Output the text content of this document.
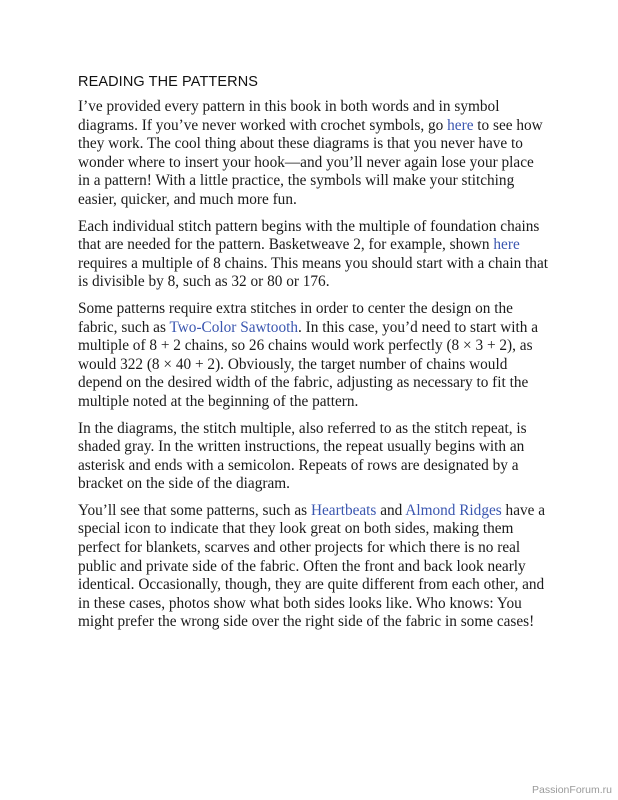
READING THE PATTERNS

I’ve provided every pattern in this book in both words and in symbol diagrams. If you’ve never worked with crochet symbols, go here to see how they work. The cool thing about these diagrams is that you never have to wonder where to insert your hook—and you’ll never again lose your place in a pattern! With a little practice, the symbols will make your stitching easier, quicker, and much more fun.

Each individual stitch pattern begins with the multiple of foundation chains that are needed for the pattern. Basketweave 2, for example, shown here requires a multiple of 8 chains. This means you should start with a chain that is divisible by 8, such as 32 or 80 or 176.

Some patterns require extra stitches in order to center the design on the fabric, such as Two-Color Sawtooth. In this case, you’d need to start with a multiple of 8 + 2 chains, so 26 chains would work perfectly (8 × 3 + 2), as would 322 (8 × 40 + 2). Obviously, the target number of chains would depend on the desired width of the fabric, adjusting as necessary to fit the multiple noted at the beginning of the pattern.

In the diagrams, the stitch multiple, also referred to as the stitch repeat, is shaded gray. In the written instructions, the repeat usually begins with an asterisk and ends with a semicolon. Repeats of rows are designated by a bracket on the side of the diagram.

You’ll see that some patterns, such as Heartbeats and Almond Ridges have a special icon to indicate that they look great on both sides, making them perfect for blankets, scarves and other projects for which there is no real public and private side of the fabric. Often the front and back look nearly identical. Occasionally, though, they are quite different from each other, and in these cases, photos show what both sides looks like. Who knows: You might prefer the wrong side over the right side of the fabric in some cases!

PassionForum.ru
